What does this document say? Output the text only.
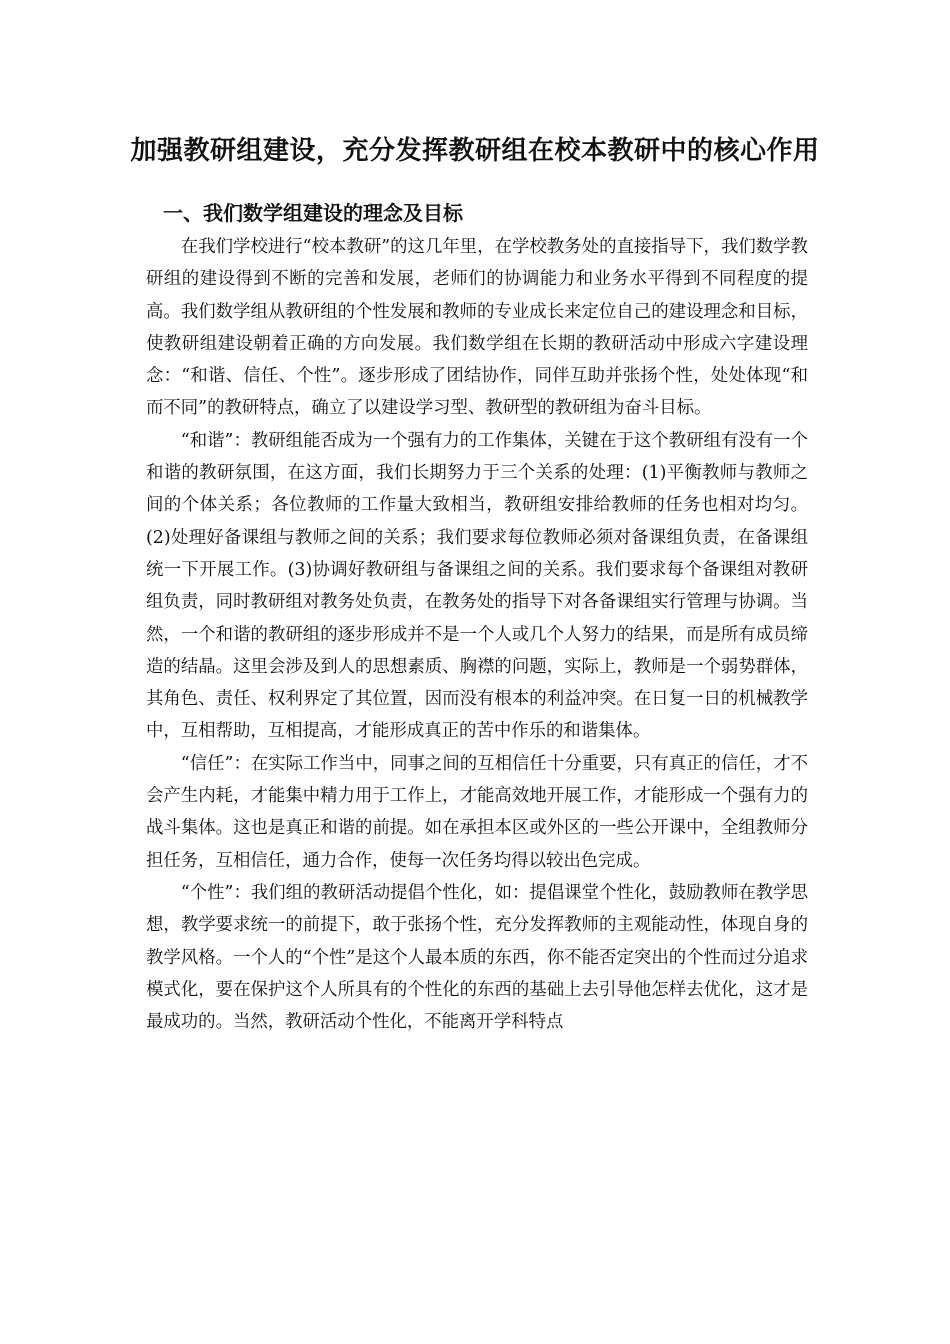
加强教研组建设，充分发挥教研组在校本教研中的核心作用
一、我们数学组建设的理念及目标

在我们学校进行“校本教研”的这几年里，在学校教务处的直接指导下，我们数学教研组的建设得到不断的完善和发展，老师们的协调能力和业务水平得到不同程度的提高。我们数学组从教研组的个性发展和教师的专业成长来定位自己的建设理念和目标，使教研组建设朝着正确的方向发展。我们数学组在长期的教研活动中形成六字建设理念：“和谐、信任、个性”。逐步形成了团结协作，同伴互助并张扬个性，处处体现“和而不同”的教研特点，确立了以建设学习型、教研型的教研组为奋斗目标。

“和谐”：教研组能否成为一个强有力的工作集体，关键在于这个教研组有没有一个和谐的教研氛围，在这方面，我们长期努力于三个关系的处理：(1)平衡教师与教师之间的个体关系；各位教师的工作量大致相当，教研组安排给教师的任务也相对均匀。 (2)处理好备课组与教师之间的关系；我们要求每位教师必须对备课组负责，在备课组统一下开展工作。(3)协调好教研组与备课组之间的关系。我们要求每个备课组对教研组负责，同时教研组对教务处负责，在教务处的指导下对各备课组实行管理与协调。当然，一个和谐的教研组的逐步形成并不是一个人或几个人努力的结果，而是所有成员缔造的结晶。这里会涉及到人的思想素质、胸襟的问题，实际上，教师是一个弱势群体，其角色、责任、权利界定了其位置，因而没有根本的利益冲突。在日复一日的机械教学中，互相帮助，互相提高，才能形成真正的苦中作乐的和谐集体。

“信任”：在实际工作当中，同事之间的互相信任十分重要，只有真正的信任，才不会产生内耗，才能集中精力用于工作上，才能高效地开展工作，才能形成一个强有力的战斗集体。这也是真正和谐的前提。如在承担本区或外区的一些公开课中，全组教师分担任务，互相信任，通力合作，使每一次任务均得以较出色完成。

“个性”：我们组的教研活动提倡个性化，如：提倡课堂个性化，鼓励教师在教学思想，教学要求统一的前提下，敢于张扬个性，充分发挥教师的主观能动性，体现自身的教学风格。一个人的“个性”是这个人最本质的东西，你不能否定突出的个性而过分追求模式化，要在保护这个人所具有的个性化的东西的基础上去引导他怎样去优化，这才是最成功的。当然，教研活动个性化，不能离开学科特点
